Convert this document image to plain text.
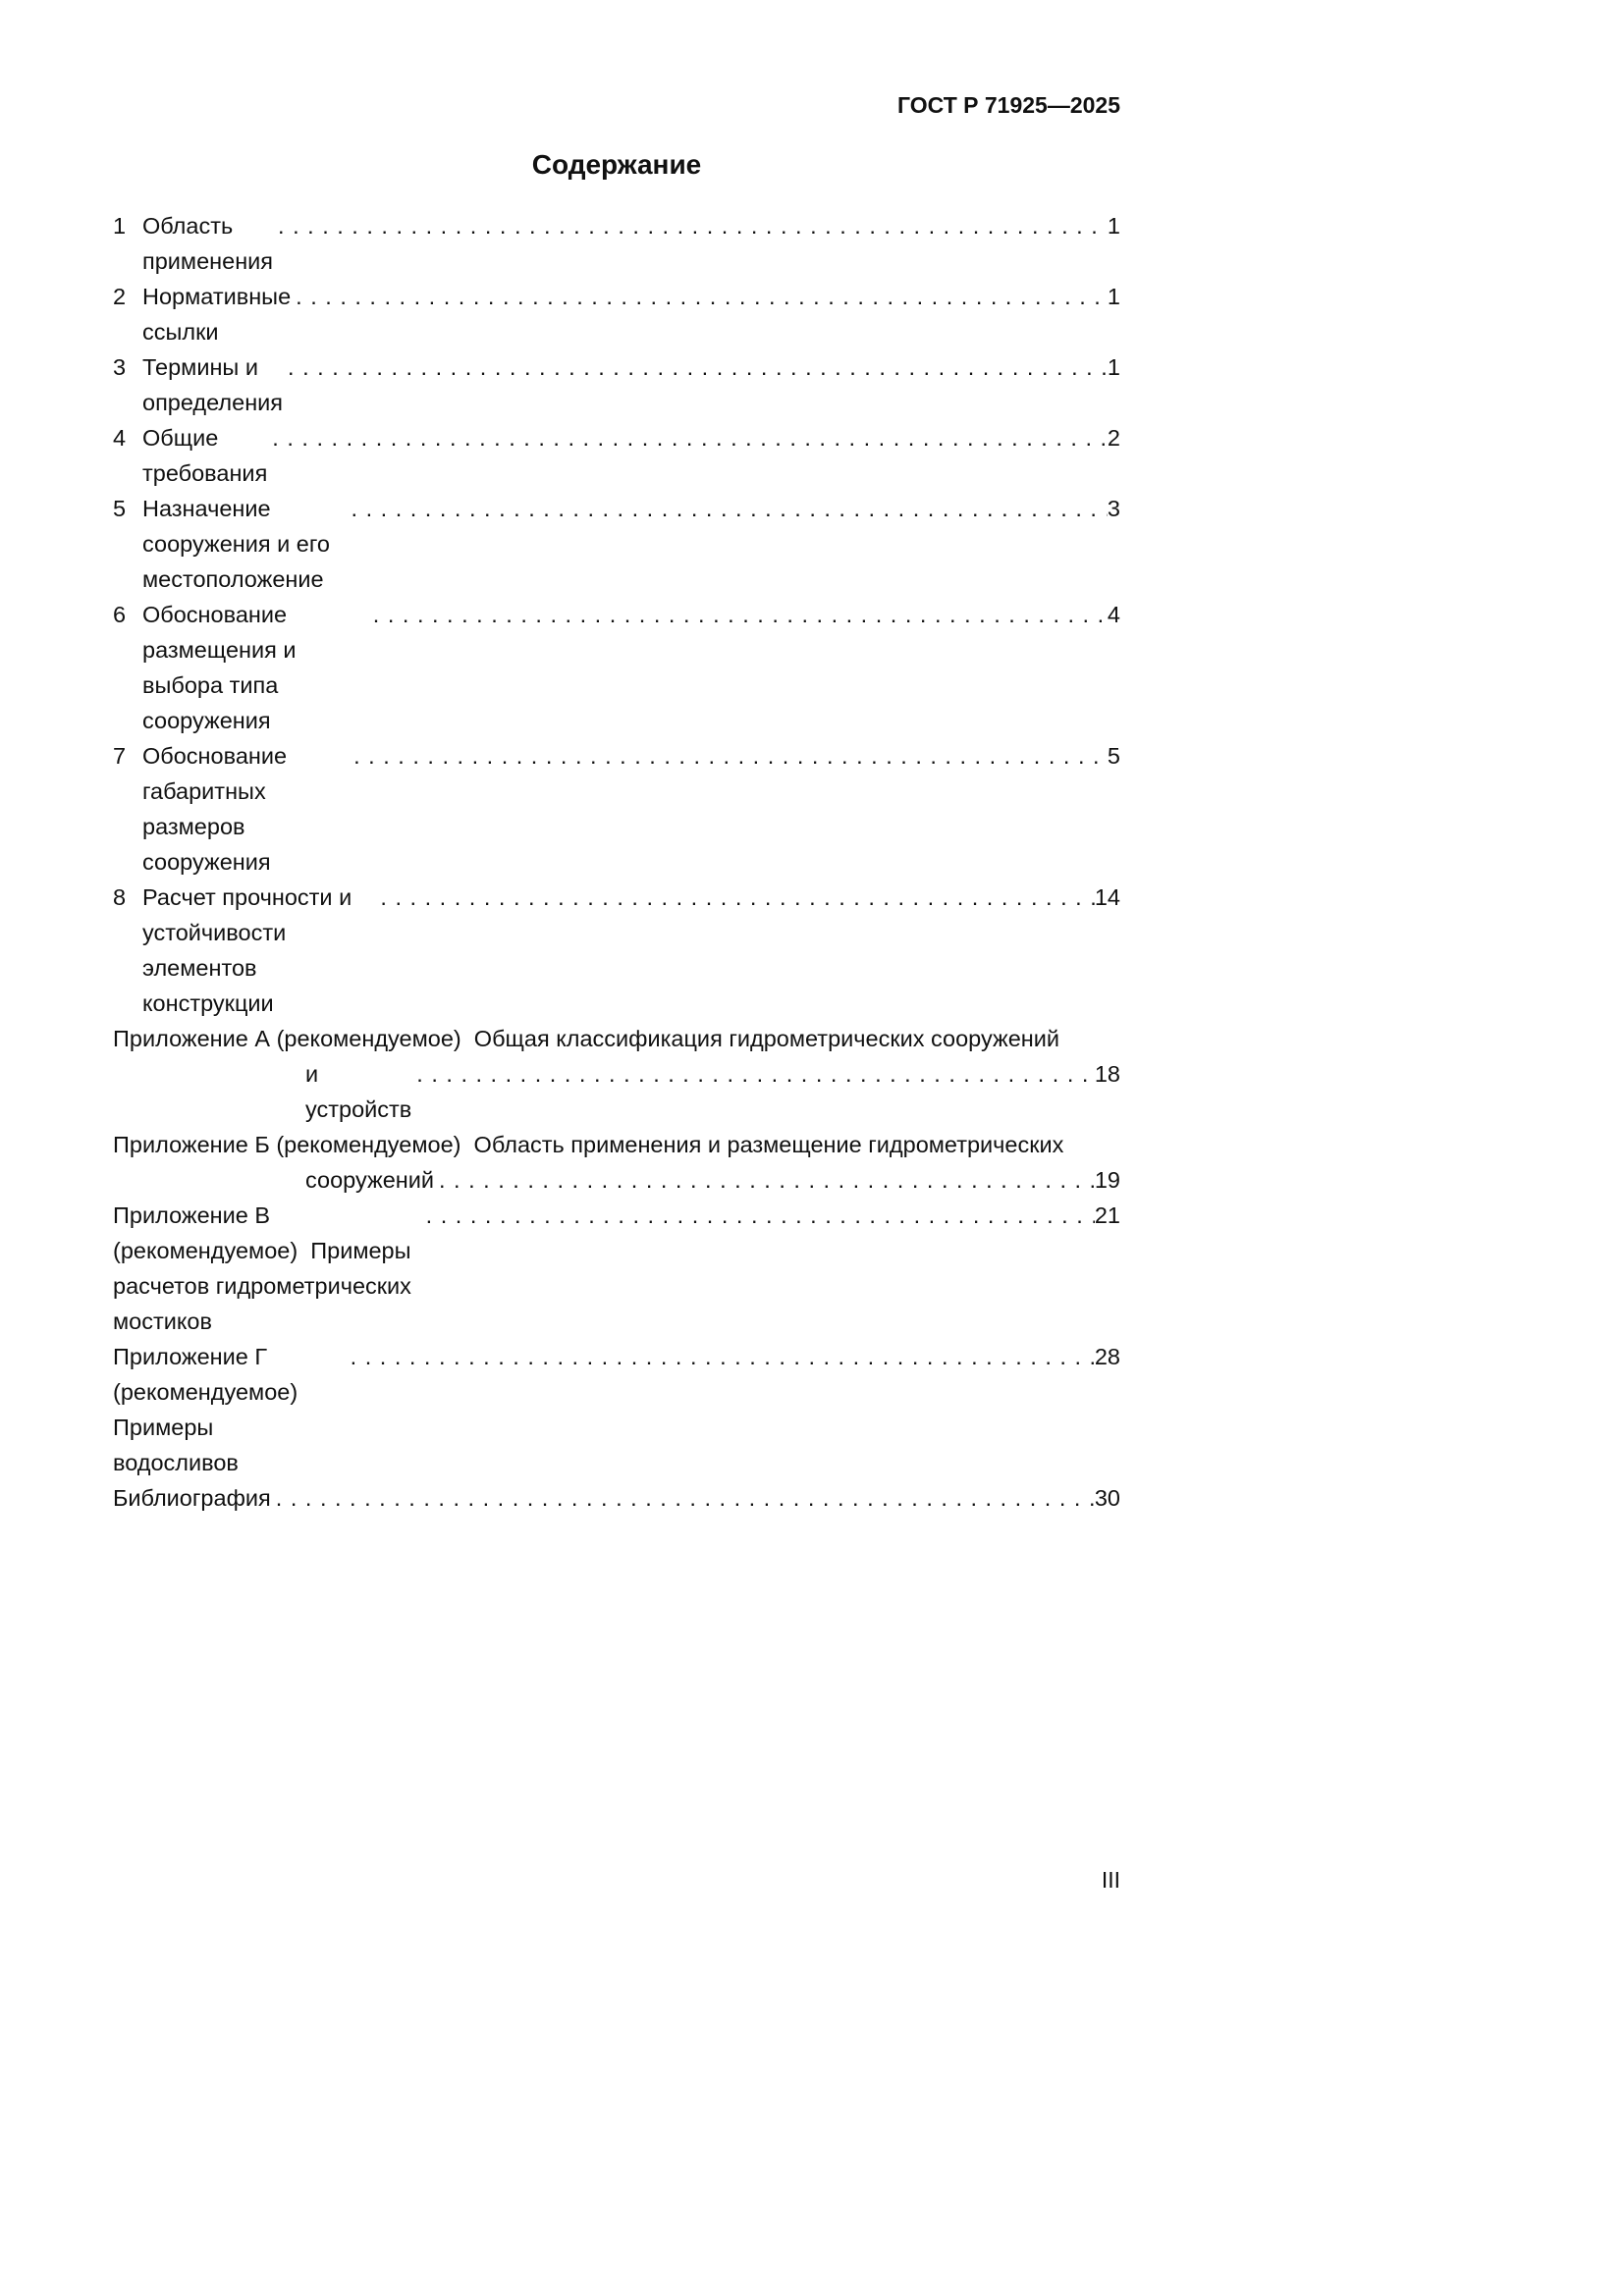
ГОСТ Р 71925—2025
Содержание
1 Область применения
. . .
1
2 Нормативные ссылки
. . .
1
3 Термины и определения
. . .
1
4 Общие требования
. . .
2
5 Назначение сооружения и его местоположение
. . .
3
6 Обоснование размещения и выбора типа сооружения
. . .
4
7 Обоснование габаритных размеров сооружения
. . .
5
8 Расчет прочности и устойчивости элементов конструкции
. . .
14
Приложение А (рекомендуемое)  Общая классификация гидрометрических сооружений
и устройств
. . .
18
Приложение Б (рекомендуемое)  Область применения и размещение гидрометрических
сооружений . . .	19
Приложение В (рекомендуемое)  Примеры расчетов гидрометрических мостиков
. . .
21
Приложение Г (рекомендуемое)  Примеры водосливов
. . .
28
Библиография . . .	30
III
